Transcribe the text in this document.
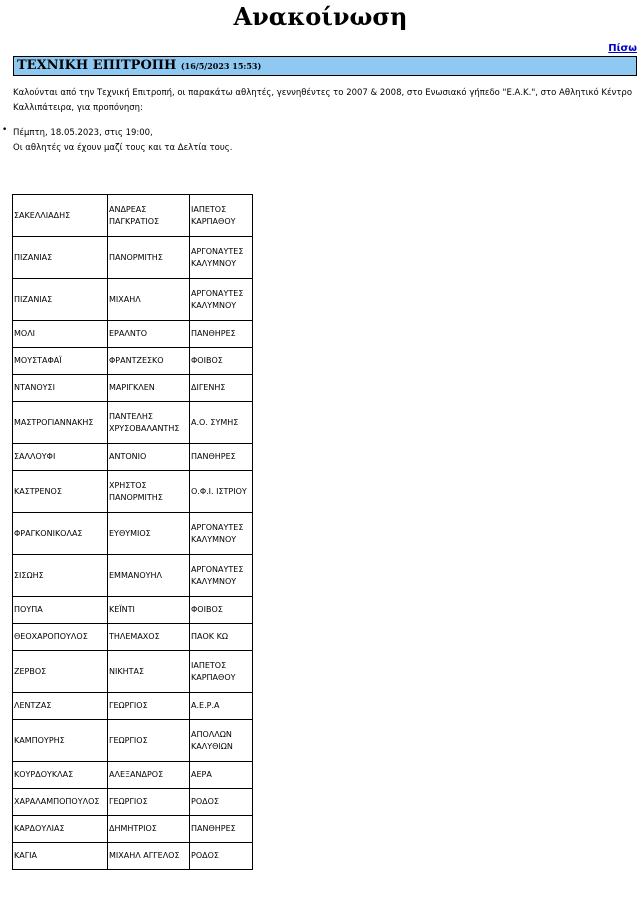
Ανακοίνωση
Πίσω
ΤΕΧΝΙΚΗ ΕΠΙΤΡΟΠΗ (16/5/2023 15:53)
Καλούνται από την Τεχνική Επιτροπή, οι παρακάτω αθλητές, γεννηθέντες το 2007 & 2008, στο Ενωσιακό γήπεδο "Ε.Α.Κ.", στο Αθλητικό Κέντρο Καλλιπάτειρα, για προπόνηση:
• Πέμπτη, 18.05.2023, στις 19:00,
Οι αθλητές να έχουν μαζί τους και τα Δελτία τους.
ΣΑΚΕΛΛΙΑΔΗΣ	ΑΝΔΡΕΑΣ ΠΑΓΚΡΑΤΙΟΣ	ΙΑΠΕΤΟΣ ΚΑΡΠΑΘΟΥ
ΠΙΖΑΝΙΑΣ	ΠΑΝΟΡΜΙΤΗΣ	ΑΡΓΟΝΑΥΤΕΣ ΚΑΛΥΜΝΟΥ
ΠΙΖΑΝΙΑΣ	ΜΙΧΑΗΛ	ΑΡΓΟΝΑΥΤΕΣ ΚΑΛΥΜΝΟΥ
ΜΟΛΙ	ΕΡΑΛΝΤΟ	ΠΑΝΘΗΡΕΣ
ΜΟΥΣΤΑΦΑΪ	ΦΡΑΝΤΖΕΣΚΟ	ΦΟΙΒΟΣ
ΝΤΑΝΟΥΣΙ	ΜΑΡΙΓΚΛΕΝ	ΔΙΓΕΝΗΣ
ΜΑΣΤΡΟΓΙΑΝΝΑΚΗΣ	ΠΑΝΤΕΛΗΣ ΧΡΥΣΟΒΑΛΑΝΤΗΣ	Α.Ο. ΣΥΜΗΣ
ΣΑΛΛΟΥΦΙ	ΑΝΤΟΝΙΟ	ΠΑΝΘΗΡΕΣ
ΚΑΣΤΡΕΝΟΣ	ΧΡΗΣΤΟΣ ΠΑΝΟΡΜΙΤΗΣ	Ο.Φ.Ι. ΙΣΤΡΙΟΥ
ΦΡΑΓΚΟΝΙΚΟΛΑΣ	ΕΥΘΥΜΙΟΣ	ΑΡΓΟΝΑΥΤΕΣ ΚΑΛΥΜΝΟΥ
ΣΙΣΩΗΣ	ΕΜΜΑΝΟΥΗΛ	ΑΡΓΟΝΑΥΤΕΣ ΚΑΛΥΜΝΟΥ
ΠΟΥΠΑ	ΚΕΪΝΤΙ	ΦΟΙΒΟΣ
ΘΕΟΧΑΡΟΠΟΥΛΟΣ	ΤΗΛΕΜΑΧΟΣ	ΠΑΟΚ ΚΩ
ΖΕΡΒΟΣ	ΝΙΚΗΤΑΣ	ΙΑΠΕΤΟΣ ΚΑΡΠΑΘΟΥ
ΛΕΝΤΖΑΣ	ΓΕΩΡΓΙΟΣ	Α.Ε.Ρ.Α
ΚΑΜΠΟΥΡΗΣ	ΓΕΩΡΓΙΟΣ	ΑΠΟΛΛΩΝ ΚΑΛΥΘΙΩΝ
ΚΟΥΡΔΟΥΚΛΑΣ	ΑΛΕΞΑΝΔΡΟΣ	ΑΕΡΑ
ΧΑΡΑΛΑΜΠΟΠΟΥΛΟΣ	ΓΕΩΡΓΙΟΣ	ΡΟΔΟΣ
ΚΑΡΔΟΥΛΙΑΣ	ΔΗΜΗΤΡΙΟΣ	ΠΑΝΘΗΡΕΣ
ΚΑΓΙΑ	ΜΙΧΑΗΛ ΑΓΓΕΛΟΣ	ΡΟΔΟΣ
